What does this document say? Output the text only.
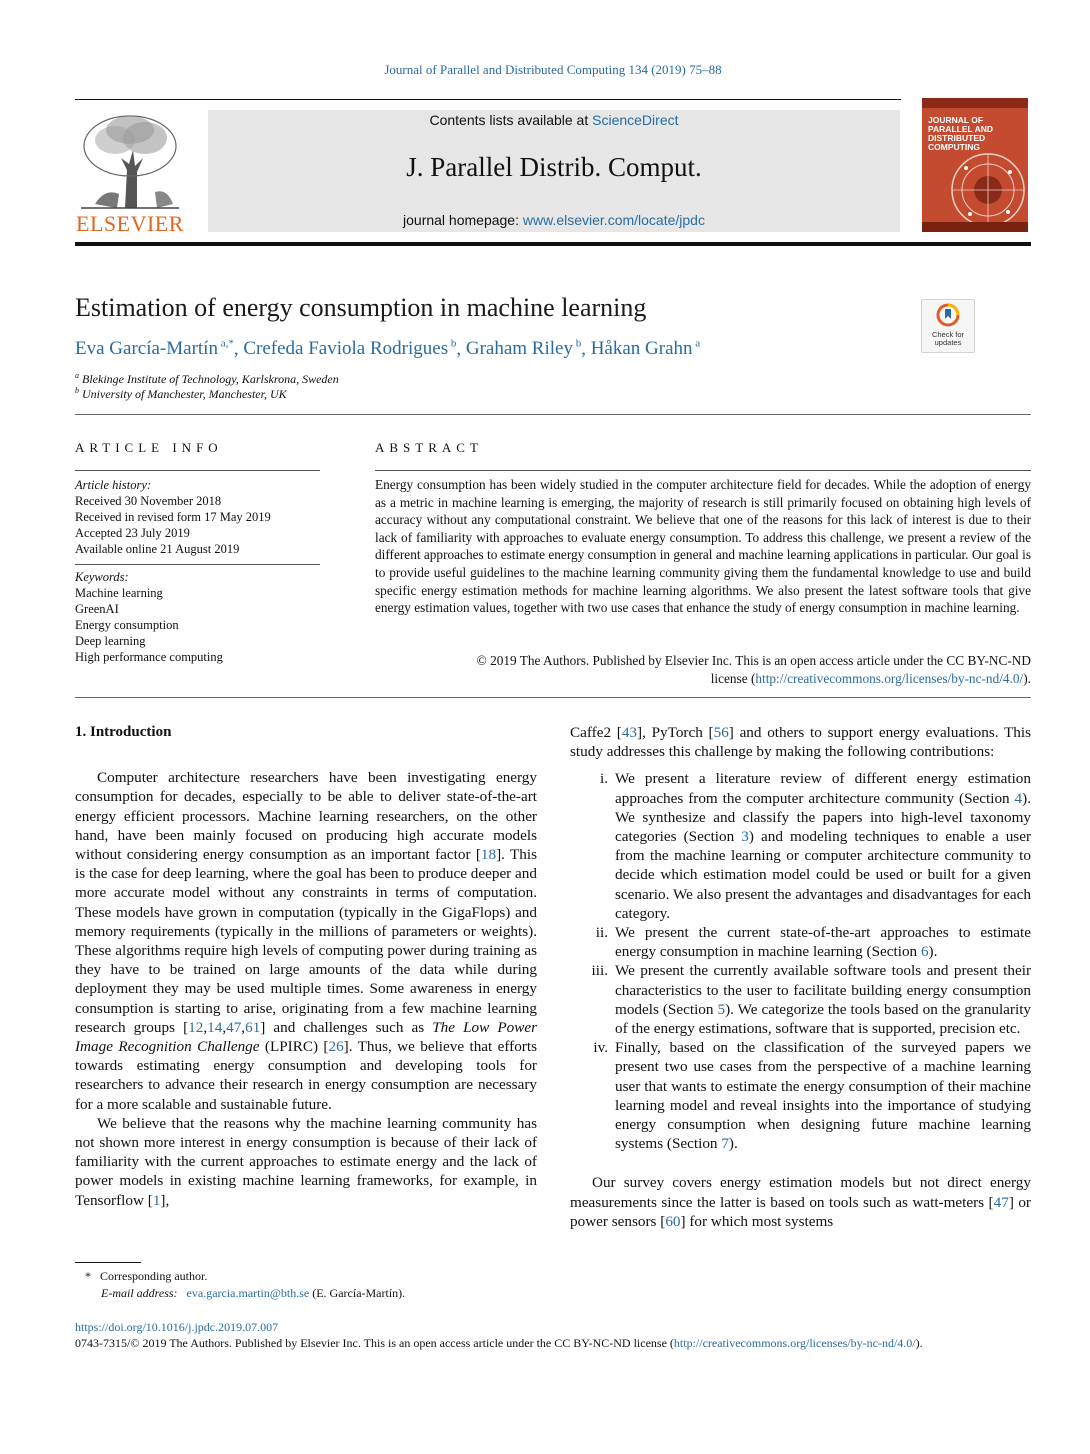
Journal of Parallel and Distributed Computing 134 (2019) 75–88
ELSEVIER
Contents lists available at ScienceDirect
J. Parallel Distrib. Comput.
journal homepage: www.elsevier.com/locate/jpdc
JOURNAL OF PARALLEL AND DISTRIBUTED COMPUTING
Estimation of energy consumption in machine learning
Check for updates
Eva García-Martín $^{a,*}$, Crefeda Faviola Rodrigues $^b$, Graham Riley $^b$, Håkan Grahn $^a$
$^a$ Blekinge Institute of Technology, Karlskrona, Sweden
$^b$ University of Manchester, Manchester, UK
ARTICLE INFO
Article history:
Received 30 November 2018
Received in revised form 17 May 2019
Accepted 23 July 2019
Available online 21 August 2019
Keywords:
Machine learning
GreenAI
Energy consumption
Deep learning
High performance computing
ABSTRACT
Energy consumption has been widely studied in the computer architecture field for decades. While the adoption of energy as a metric in machine learning is emerging, the majority of research is still primarily focused on obtaining high levels of accuracy without any computational constraint. We believe that one of the reasons for this lack of interest is due to their lack of familiarity with approaches to evaluate energy consumption. To address this challenge, we present a review of the different approaches to estimate energy consumption in general and machine learning applications in particular. Our goal is to provide useful guidelines to the machine learning community giving them the fundamental knowledge to use and build specific energy estimation methods for machine learning algorithms. We also present the latest software tools that give energy estimation values, together with two use cases that enhance the study of energy consumption in machine learning.
© 2019 The Authors. Published by Elsevier Inc. This is an open access article under the CC BY-NC-ND
license (http://creativecommons.org/licenses/by-nc-nd/4.0/).
1. Introduction

Computer architecture researchers have been investigating energy consumption for decades, especially to be able to deliver state-of-the-art energy efficient processors. Machine learning researchers, on the other hand, have been mainly focused on producing high accurate models without considering energy consumption as an important factor [18]. This is the case for deep learning, where the goal has been to produce deeper and more accurate model without any constraints in terms of computation. These models have grown in computation (typically in the GigaFlops) and memory requirements (typically in the millions of parameters or weights). These algorithms require high levels of computing power during training as they have to be trained on large amounts of the data while during deployment they may be used multiple times. Some awareness in energy consumption is starting to arise, originating from a few machine learning research groups [12,14,47,61] and challenges such as The Low Power Image Recognition Challenge (LPIRC) [26]. Thus, we believe that efforts towards estimating energy consumption and developing tools for researchers to advance their research in energy consumption are necessary for a more scalable and sustainable future.

We believe that the reasons why the machine learning community has not shown more interest in energy consumption is because of their lack of familiarity with the current approaches to estimate energy and the lack of power models in existing machine learning frameworks, for example, in Tensorflow [1],

Caffe2 [43], PyTorch [56] and others to support energy evaluations. This study addresses this challenge by making the following contributions:
i. We present a literature review of different energy estimation approaches from the computer architecture community (Section 4). We synthesize and classify the papers into high-level taxonomy categories (Section 3) and modeling techniques to enable a user from the machine learning or computer architecture community to decide which estimation model could be used or built for a given scenario. We also present the advantages and disadvantages for each category.
ii. We present the current state-of-the-art approaches to estimate energy consumption in machine learning (Section 6).
iii. We present the currently available software tools and present their characteristics to the user to facilitate building energy consumption models (Section 5). We categorize the tools based on the granularity of the energy estimations, software that is supported, precision etc.
iv. Finally, based on the classification of the surveyed papers we present two use cases from the perspective of a machine learning user that wants to estimate the energy consumption of their machine learning model and reveal insights into the importance of studying energy consumption when designing future machine learning systems (Section 7).

Our survey covers energy estimation models but not direct energy measurements since the latter is based on tools such as watt-meters [47] or power sensors [60] for which most systems

* Corresponding author.
E-mail address: eva.garcia.martin@bth.se (E. García-Martín).
https://doi.org/10.1016/j.jpdc.2019.07.007
0743-7315/© 2019 The Authors. Published by Elsevier Inc. This is an open access article under the CC BY-NC-ND license (http://creativecommons.org/licenses/by-nc-nd/4.0/).
